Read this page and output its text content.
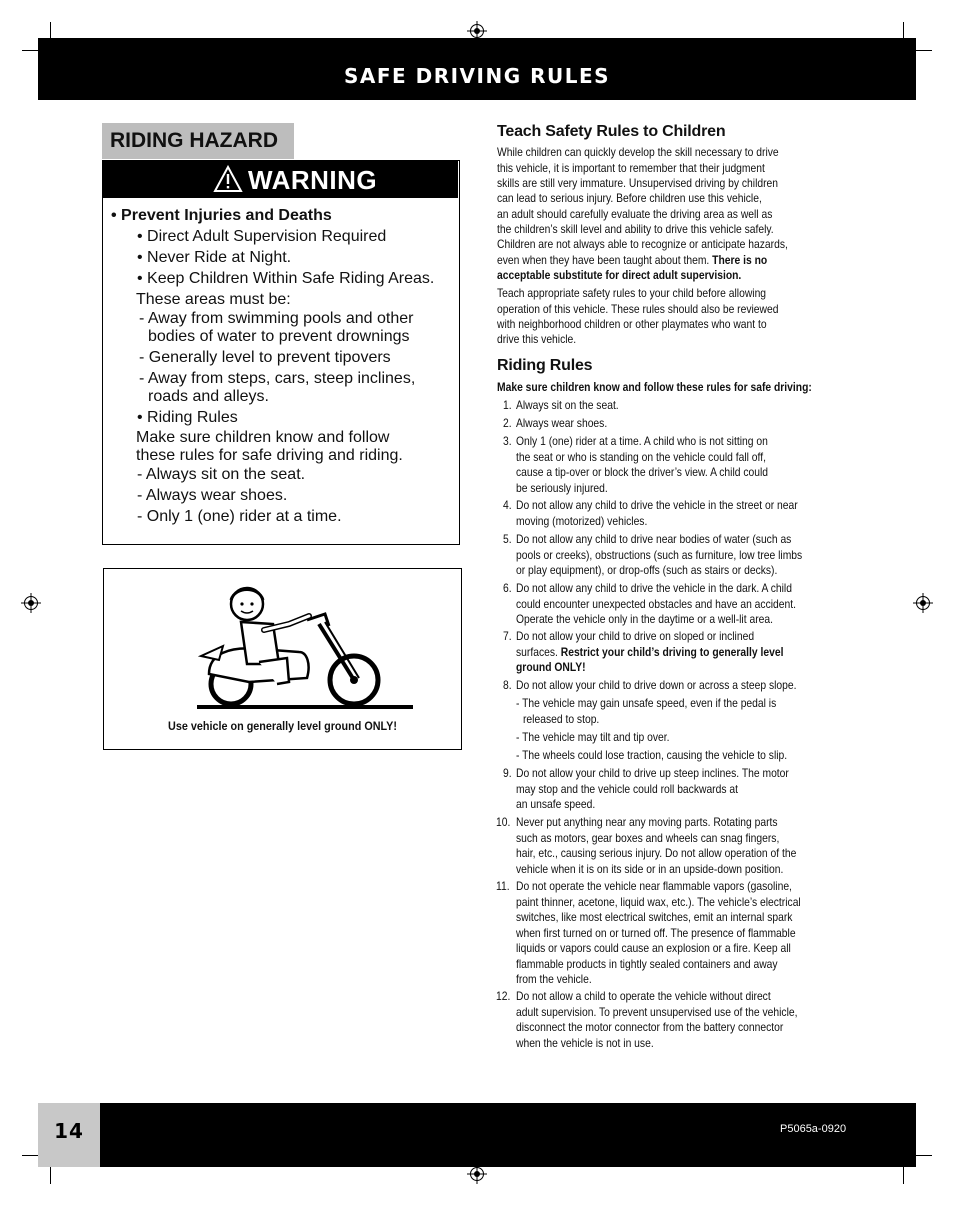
SAFE DRIVING RULES
RIDING HAZARD
WARNING
• Prevent Injuries and Deaths
• Direct Adult Supervision Required
• Never Ride at Night.
• Keep Children Within Safe Riding Areas.
These areas must be:
- Away from swimming pools and other
bodies of water to prevent drownings
- Generally level to prevent tipovers
- Away from steps, cars, steep inclines,
roads and alleys.
• Riding Rules
Make sure children know and follow
these rules for safe driving and riding.
- Always sit on the seat.
- Always wear shoes.
- Only 1 (one) rider at a time.
Use vehicle on generally level ground ONLY!
Teach Safety Rules to Children
While children can quickly develop the skill necessary to drive
this vehicle, it is important to remember that their judgment
skills are still very immature. Unsupervised driving by children
can lead to serious injury. Before children use this vehicle,
an adult should carefully evaluate the driving area as well as
the children’s skill level and ability to drive this vehicle safely.
Children are not always able to recognize or anticipate hazards,
even when they have been taught about them. There is no
acceptable substitute for direct adult supervision.
Teach appropriate safety rules to your child before allowing
operation of this vehicle. These rules should also be reviewed
with neighborhood children or other playmates who want to
drive this vehicle.
Riding Rules
Make sure children know and follow these rules for safe driving:
1. Always sit on the seat.
2. Always wear shoes.
3. Only 1 (one) rider at a time. A child who is not sitting on
the seat or who is standing on the vehicle could fall off,
cause a tip-over or block the driver’s view. A child could
be seriously injured.
4. Do not allow any child to drive the vehicle in the street or near
moving (motorized) vehicles.
5. Do not allow any child to drive near bodies of water (such as
pools or creeks), obstructions (such as furniture, low tree limbs
or play equipment), or drop-offs (such as stairs or decks).
6. Do not allow any child to drive the vehicle in the dark. A child
could encounter unexpected obstacles and have an accident.
Operate the vehicle only in the daytime or a well-lit area.
7. Do not allow your child to drive on sloped or inclined
surfaces. Restrict your child’s driving to generally level
ground ONLY!
8. Do not allow your child to drive down or across a steep slope.
- The vehicle may gain unsafe speed, even if the pedal is
released to stop.
- The vehicle may tilt and tip over.
- The wheels could lose traction, causing the vehicle to slip.
9. Do not allow your child to drive up steep inclines. The motor
may stop and the vehicle could roll backwards at
an unsafe speed.
10. Never put anything near any moving parts. Rotating parts
such as motors, gear boxes and wheels can snag fingers,
hair, etc., causing serious injury. Do not allow operation of the
vehicle when it is on its side or in an upside-down position.
11. Do not operate the vehicle near flammable vapors (gasoline,
paint thinner, acetone, liquid wax, etc.). The vehicle’s electrical
switches, like most electrical switches, emit an internal spark
when first turned on or turned off. The presence of flammable
liquids or vapors could cause an explosion or a fire. Keep all
flammable products in tightly sealed containers and away
from the vehicle.
12. Do not allow a child to operate the vehicle without direct
adult supervision. To prevent unsupervised use of the vehicle,
disconnect the motor connector from the battery connector
when the vehicle is not in use.
P5065a-0920
14
